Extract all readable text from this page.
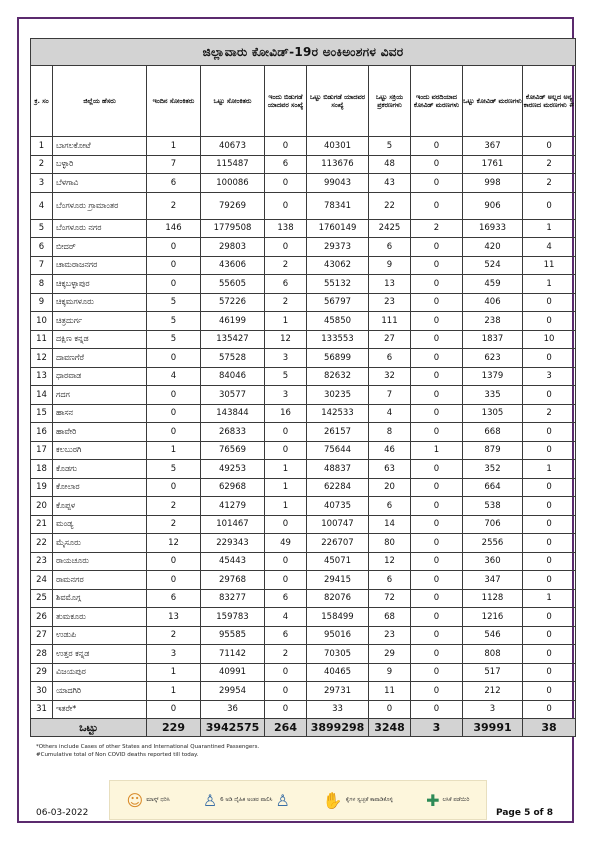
ಜಿಲ್ಲಾವಾರು ಕೋವಿಡ್-19ರ ಅಂಕಿಅಂಶಗಳ ವಿವರ									
ಕ್ರ. ಸಂ	ಜಿಲ್ಲೆಯ ಹೆಸರು	ಇಂದಿನ ಸೋಂಕಿತರು	ಒಟ್ಟು ಸೋಂಕಿತರು	ಇಂದು ಬಿಡುಗಡೆ ಯಾದವರ ಸಂಖ್ಯೆ	ಒಟ್ಟು ಬಿಡುಗಡೆ ಯಾದವರ ಸಂಖ್ಯೆ	ಒಟ್ಟು ಸಕ್ರಿಯ ಪ್ರಕರಣಗಳು	ಇಂದು ವರದಿಯಾದ ಕೋವಿಡ್ ಮರಣಗಳು	ಒಟ್ಟು ಕೋವಿಡ್ ಮರಣಗಳು	ಕೋವಿಡ್ ಅಲ್ಲದ ಅನ್ಯ ಕಾರಣದ ಮರಣಗಳು #
1	ಬಾಗಲಕೋಟೆ	1	40673	0	40301	5	0	367	0
2	ಬಳ್ಳಾರಿ	7	115487	6	113676	48	0	1761	2
3	ಬೆಳಗಾವಿ	6	100086	0	99043	43	0	998	2
4	ಬೆಂಗಳೂರು ಗ್ರಾಮಾಂತರ	2	79269	0	78341	22	0	906	0
5	ಬೆಂಗಳೂರು ನಗರ	146	1779508	138	1760149	2425	2	16933	1
6	ಬೀದರ್	0	29803	0	29373	6	0	420	4
7	ಚಾಮರಾಜನಗರ	0	43606	2	43062	9	0	524	11
8	ಚಿಕ್ಕಬಳ್ಳಾಪುರ	0	55605	6	55132	13	0	459	1
9	ಚಿಕ್ಕಮಗಳೂರು	5	57226	2	56797	23	0	406	0
10	ಚಿತ್ರದುರ್ಗ	5	46199	1	45850	111	0	238	0
11	ದಕ್ಷಿಣ ಕನ್ನಡ	5	135427	12	133553	27	0	1837	10
12	ದಾವಣಗೆರೆ	0	57528	3	56899	6	0	623	0
13	ಧಾರವಾಡ	4	84046	5	82632	32	0	1379	3
14	ಗದಗ	0	30577	3	30235	7	0	335	0
15	ಹಾಸನ	0	143844	16	142533	4	0	1305	2
16	ಹಾವೇರಿ	0	26833	0	26157	8	0	668	0
17	ಕಲಬುರಗಿ	1	76569	0	75644	46	1	879	0
18	ಕೊಡಗು	5	49253	1	48837	63	0	352	1
19	ಕೋಲಾರ	0	62968	1	62284	20	0	664	0
20	ಕೊಪ್ಪಳ	2	41279	1	40735	6	0	538	0
21	ಮಂಡ್ಯ	2	101467	0	100747	14	0	706	0
22	ಮೈಸೂರು	12	229343	49	226707	80	0	2556	0
23	ರಾಯಚೂರು	0	45443	0	45071	12	0	360	0
24	ರಾಮನಗರ	0	29768	0	29415	6	0	347	0
25	ಶಿವಮೊಗ್ಗ	6	83277	6	82076	72	0	1128	1
26	ತುಮಕೂರು	13	159783	4	158499	68	0	1216	0
27	ಉಡುಪಿ	2	95585	6	95016	23	0	546	0
28	ಉತ್ತರ ಕನ್ನಡ	3	71142	2	70305	29	0	808	0
29	ವಿಜಯಪುರ	1	40991	0	40465	9	0	517	0
30	ಯಾದಗಿರಿ	1	29954	0	29731	11	0	212	0
31	ಇತರೇ*	0	36	0	33	0	0	3	0
ಒಟ್ಟು		229	3942575	264	3899298	3248	3	39991	38
*Others include Cases of other States and International Quarantined Passengers.
#Cumulative total of Non COVID deaths reported till today.
☺ ಮಾಸ್ಕ್ ಧರಿಸಿ ♙ 6 ಅಡಿ ದೈಹಿಕ ಅಂತರ ಪಾಲಿಸಿ ♙ ✋ ಕೈಗಳ ಸ್ವಚ್ಛತೆ ಕಾಪಾಡಿಕೊಳ್ಳಿ ✚ ಲಸಿಕೆ ಪಡೆಯಿರಿ
06-03-2022	Page 5 of 8
